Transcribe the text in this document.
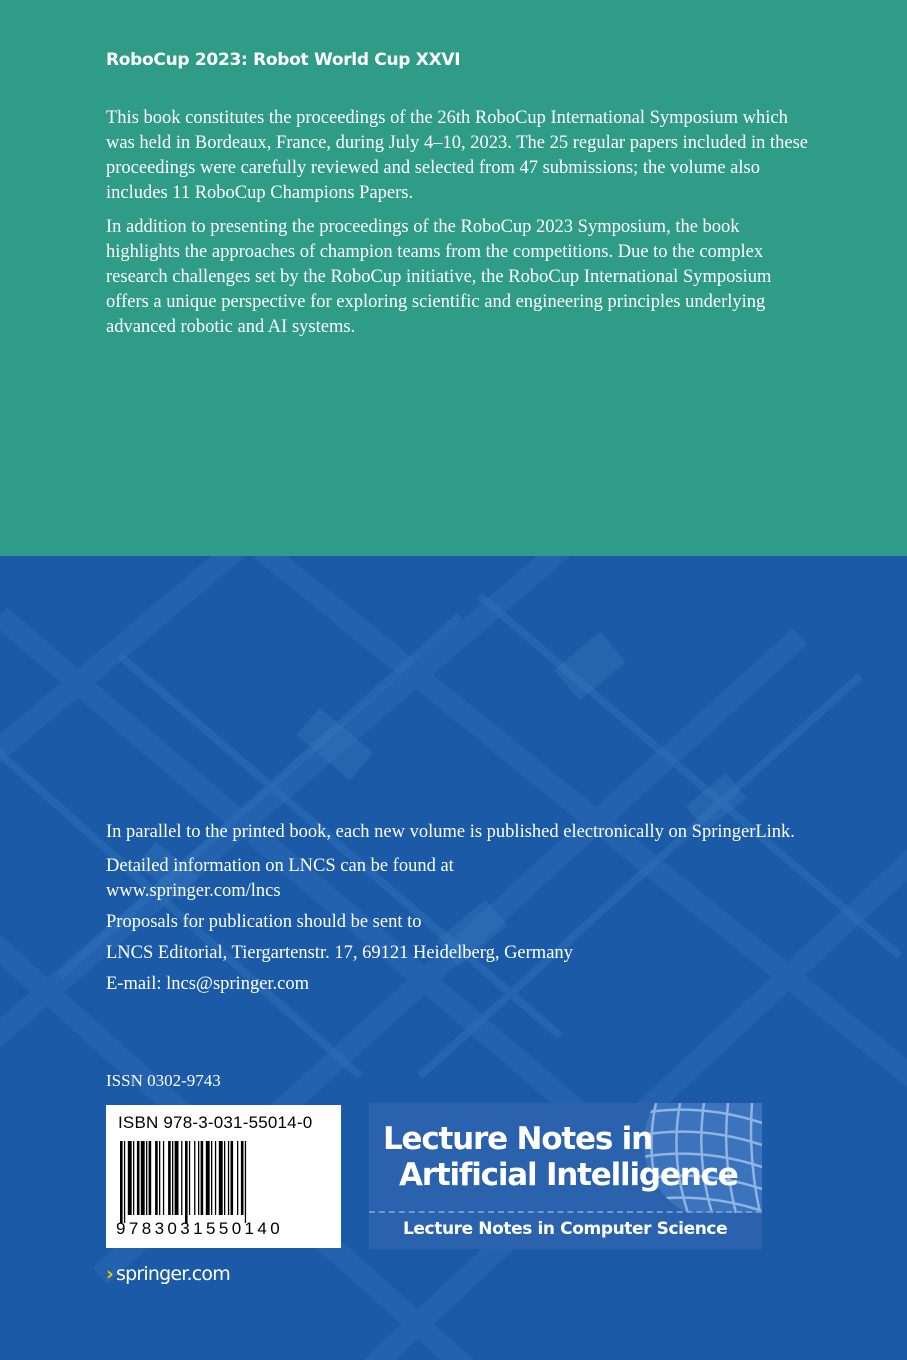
RoboCup 2023: Robot World Cup XXVI

This book constitutes the proceedings of the 26th RoboCup International Symposium which was held in Bordeaux, France, during July 4–10, 2023. The 25 regular papers included in these proceedings were carefully reviewed and selected from 47 submissions; the volume also includes 11 RoboCup Champions Papers.

In addition to presenting the proceedings of the RoboCup 2023 Symposium, the book highlights the approaches of champion teams from the competitions. Due to the complex research challenges set by the RoboCup initiative, the RoboCup International Symposium offers a unique perspective for exploring scientific and engineering principles underlying advanced robotic and AI systems.

In parallel to the printed book, each new volume is published electronically on SpringerLink.

Detailed information on LNCS can be found at

www.springer.com/lncs

Proposals for publication should be sent to

LNCS Editorial, Tiergartenstr. 17, 69121 Heidelberg, Germany

E-mail: lncs@springer.com

ISSN 0302-9743
ISBN 978-3-031-55014-0
9783031550140
Lecture Notes in
Artificial Intelligence
Lecture Notes in Computer Science
› springer.com
